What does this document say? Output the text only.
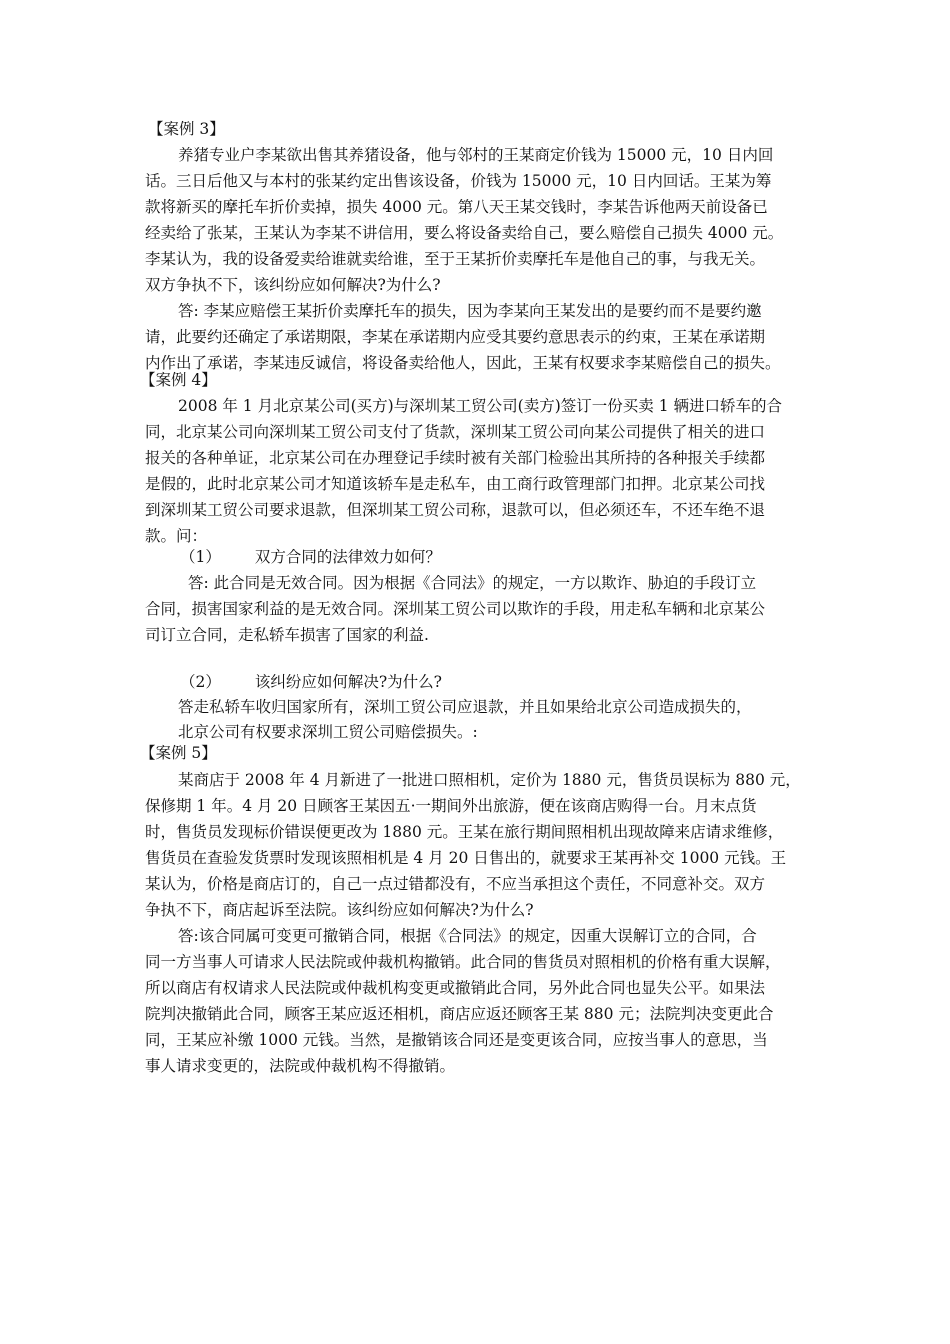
【案例 3】
养猪专业户李某欲出售其养猪设备，他与邻村的王某商定价钱为 15000 元，10 日内回
话。三日后他又与本村的张某约定出售该设备，价钱为 15000 元，10 日内回话。王某为筹
款将新买的摩托车折价卖掉，损失 4000 元。第八天王某交钱时，李某告诉他两天前设备已
经卖给了张某，王某认为李某不讲信用，要么将设备卖给自己，要么赔偿自己损失 4000 元。
李某认为，我的设备爱卖给谁就卖给谁，至于王某折价卖摩托车是他自己的事，与我无关。
双方争执不下，该纠纷应如何解决?为什么?
答: 李某应赔偿王某折价卖摩托车的损失，因为李某向王某发出的是要约而不是要约邀
请，此要约还确定了承诺期限，李某在承诺期内应受其要约意思表示的约束，王某在承诺期
内作出了承诺，李某违反诚信，将设备卖给他人，因此，王某有权要求李某赔偿自己的损失。
【案例 4】
2008 年 1 月北京某公司(买方)与深圳某工贸公司(卖方)签订一份买卖 1 辆进口轿车的合
同，北京某公司向深圳某工贸公司支付了货款，深圳某工贸公司向某公司提供了相关的进口
报关的各种单证，北京某公司在办理登记手续时被有关部门检验出其所持的各种报关手续都
是假的，此时北京某公司才知道该轿车是走私车，由工商行政管理部门扣押。北京某公司找
到深圳某工贸公司要求退款，但深圳某工贸公司称，退款可以，但必须还车，不还车绝不退
款。问：
（1） 双方合同的法律效力如何？
答: 此合同是无效合同。因为根据《合同法》的规定，一方以欺诈、胁迫的手段订立
合同，损害国家利益的是无效合同。深圳某工贸公司以欺诈的手段，用走私车辆和北京某公
司订立合同，走私轿车损害了国家的利益.
（2） 该纠纷应如何解决?为什么?
答走私轿车收归国家所有，深圳工贸公司应退款，并且如果给北京公司造成损失的，
北京公司有权要求深圳工贸公司赔偿损失。:
【案例 5】
某商店于 2008 年 4 月新进了一批进口照相机，定价为 1880 元，售货员误标为 880 元，
保修期 1 年。4 月 20 日顾客王某因五·一期间外出旅游，便在该商店购得一台。月末点货
时，售货员发现标价错误便更改为 1880 元。王某在旅行期间照相机出现故障来店请求维修，
售货员在查验发货票时发现该照相机是 4 月 20 日售出的，就要求王某再补交 1000 元钱。王
某认为，价格是商店订的，自己一点过错都没有，不应当承担这个责任，不同意补交。双方
争执不下，商店起诉至法院。该纠纷应如何解决?为什么?
答:该合同属可变更可撤销合同，根据《合同法》的规定，因重大误解订立的合同，合
同一方当事人可请求人民法院或仲裁机构撤销。此合同的售货员对照相机的价格有重大误解，
所以商店有权请求人民法院或仲裁机构变更或撤销此合同，另外此合同也显失公平。如果法
院判决撤销此合同，顾客王某应返还相机，商店应返还顾客王某 880 元；法院判决变更此合
同，王某应补缴 1000 元钱。当然，是撤销该合同还是变更该合同，应按当事人的意思，当
事人请求变更的，法院或仲裁机构不得撤销。
